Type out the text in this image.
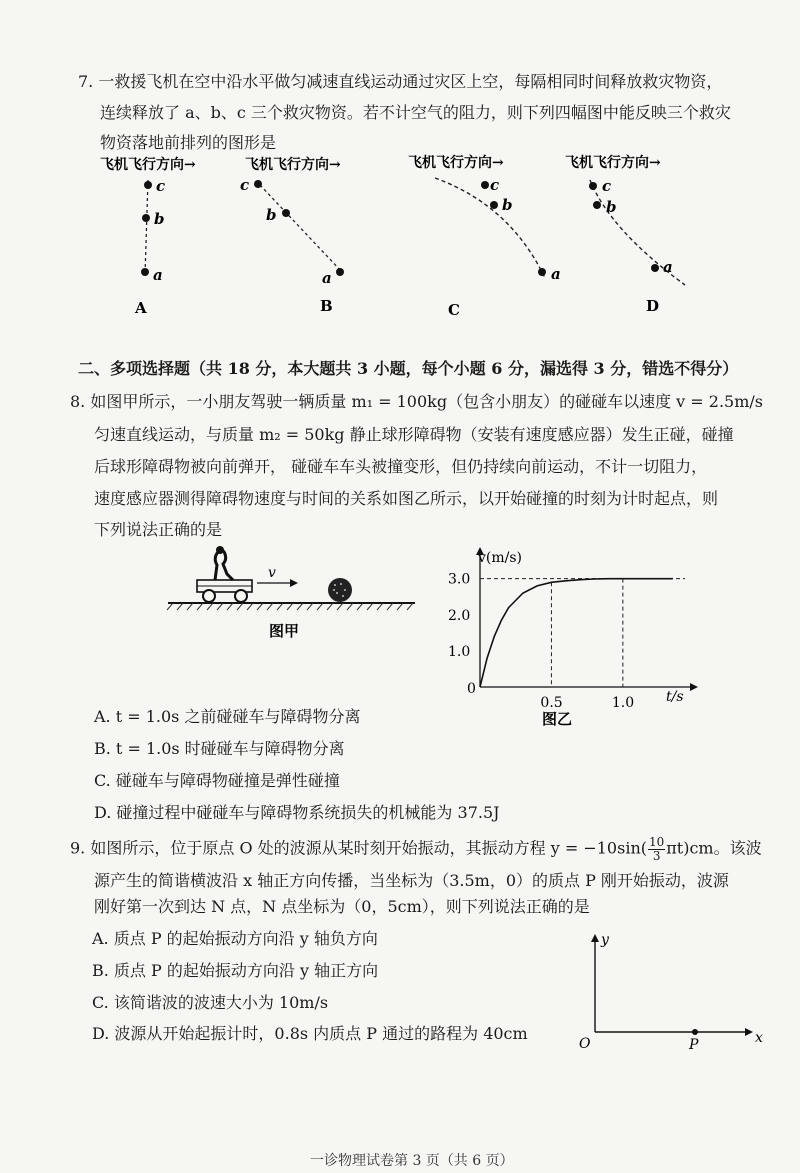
7. 一救援飞机在空中沿水平做匀减速直线运动通过灾区上空，每隔相同时间释放救灾物资，
连续释放了 a、b、c 三个救灾物资。若不计空气的阻力，则下列四幅图中能反映三个救灾
物资落地前排列的图形是
飞机飞行方向→
c
b
a
A
飞机飞行方向→
c
b
a
B
飞机飞行方向→
c
b
a
C
飞机飞行方向→
c
b
a
D
二、多项选择题（共 18 分，本大题共 3 小题，每个小题 6 分，漏选得 3 分，错选不得分）
8. 如图甲所示，一小朋友驾驶一辆质量 m₁ = 100kg（包含小朋友）的碰碰车以速度 v = 2.5m/s
匀速直线运动，与质量 m₂ = 50kg 静止球形障碍物（安装有速度感应器）发生正碰，碰撞
后球形障碍物被向前弹开， 碰碰车车头被撞变形，但仍持续向前运动，不计一切阻力，
速度感应器测得障碍物速度与时间的关系如图乙所示，以开始碰撞的时刻为计时起点，则
下列说法正确的是
v
图甲
1.0
2.0
3.0
0.5	1.0
v(m/s)
t/s
0
图乙
A. t = 1.0s 之前碰碰车与障碍物分离
B. t = 1.0s 时碰碰车与障碍物分离
C. 碰碰车与障碍物碰撞是弹性碰撞
D. 碰撞过程中碰碰车与障碍物系统损失的机械能为 37.5J
9. 如图所示，位于原点 O 处的波源从某时刻开始振动，其振动方程 $y = -10\sin( \frac{10}{3} \pi t)cm$。该波
源产生的简谐横波沿 x 轴正方向传播，当坐标为（3.5m，0）的质点 P 刚开始振动，波源
刚好第一次到达 N 点，N 点坐标为（0，5cm），则下列说法正确的是
A. 质点 P 的起始振动方向沿 y 轴负方向
B. 质点 P 的起始振动方向沿 y 轴正方向
C. 该简谐波的波速大小为 10m/s
D. 波源从开始起振计时，0.8s 内质点 P 通过的路程为 40cm
y
x
O	P
一诊物理试卷第 3 页（共 6 页）
